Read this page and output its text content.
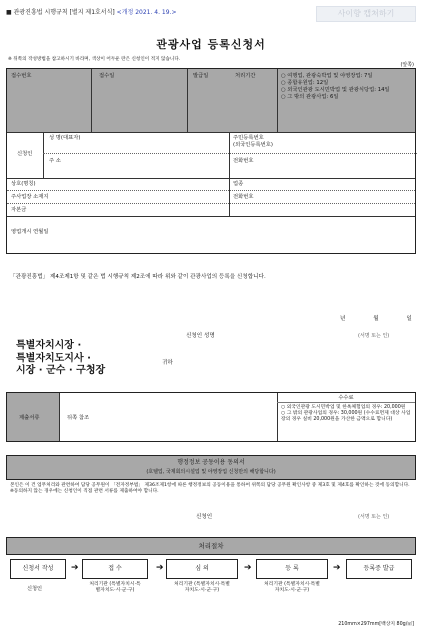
■ 관광진흥법 시행규칙 [별지 제1호서식] <개정 2021. 4. 19.>	사이향 캡쳐하기
관광사업 등록신청서
※ 뒤쪽의 작성방법을 참고하시기 바라며, 색상이 어두운 란은 신청인이 적지 않습니다.
(앞쪽)
접수번호	접수일	발급일	처리기간	○ 여행업, 관광숙박업 및 야영장업: 7일
○ 종합유원업: 12일
○ 외국인관광 도시민박업 및 관광식당업: 14일
○ 그 밖의 관광사업: 6일
신청인
성 명(대표자)	주민등록번호
(외국인등록번호)
주 소	전화번호
상호(명칭)	업종
주사업장 소재지	전화번호
자본금
영업개시 연월일
「관광진흥법」 제4조제1항 및 같은 법 시행규칙 제2조에 따라 위와 같이 관광사업의 등록을 신청합니다.
년	월	일
신청인 성명	(서명 또는 인)
특별자치시장 ·
특별자치도지사 ·
시장 · 군수 · 구청장
귀하
제출서류	뒤쪽 참조
수수료
○ 외국인관광 도시민박업 및 한옥체험업의 경우: 20,000원
○ 그 밖의 관광사업의 경우: 30,000원 (수수료면제 대상 사업장의 경우 실비 20,000원을 가산한 금액으로 합니다)
행정정보 공동이용 동의서
(호텔업, 국제회의시설업 및 야영장업 신청만의 해당합니다)
본인은 이 건 업무처리와 관련하여 담당 공무원이 「전자정부법」 제36조제1항에 따른 행정정보의 공동이용을 통하여 위쪽의 담당 공무원 확인사항 중 제3호 및 제4호를 확인하는 것에 동의합니다. ※동의하지 않는 경우에는 신청인이 직접 관련 서류를 제출하여야 합니다.
신청인	(서명 또는 인)
처리절차
신청서 작성	➔	접 수	➔	심 의	➔	등 록	➔	등록증 발급
신청인
처리기관 (특별자치시·특별자치도·시·군·구)
처리기관 (특별자치시·특별자치도·시·군·구)
처리기관 (특별자치시·특별자치도·시·군·구)
210mm×297mm[백상지 80g/㎡]
